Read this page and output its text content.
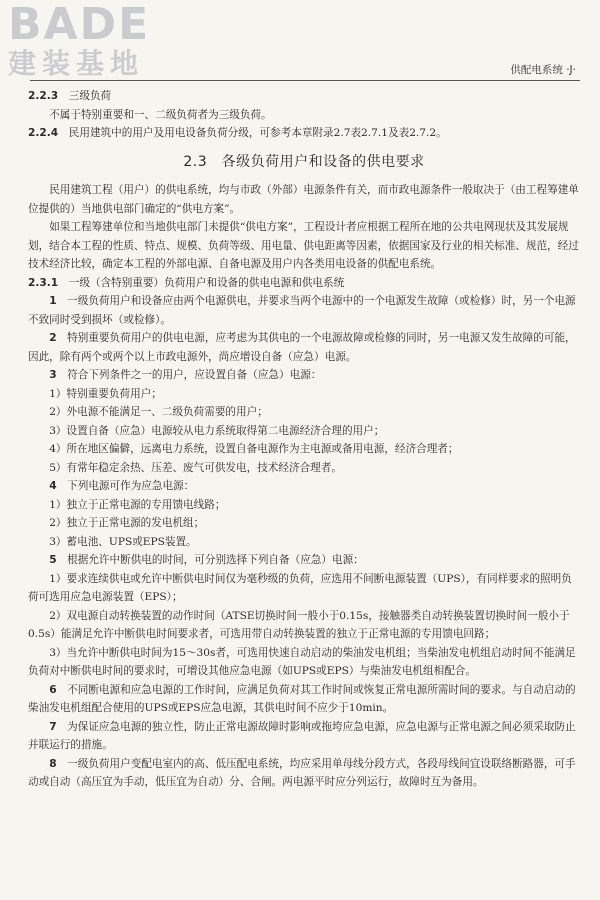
BADE
建装基地	供配电系统 ·J·

2.2.3　 三级负荷

不属于特别重要和一、二级负荷者为三级负荷。

2.2.4　 民用建筑中的用户及用电设备负荷分级，可参考本章附录2.7表2.7.1及表2.7.2。

2.3　各级负荷用户和设备的供电要求

民用建筑工程（用户）的供电系统，均与市政（外部）电源条件有关，而市政电源条件一般取决于（由工程筹建单位提供的）当地供电部门确定的“供电方案”。

如果工程筹建单位和当地供电部门未提供“供电方案”，工程设计者应根据工程所在地的公共电网现状及其发展规划，结合本工程的性质、特点、规模、负荷等级、用电量、供电距离等因素，依据国家及行业的相关标准、规范，经过技术经济比较，确定本工程的外部电源、自备电源及用户内各类用电设备的供配电系统。

2.3.1　 一级（含特别重要）负荷用户和设备的供电电源和供电系统

1　 一级负荷用户和设备应由两个电源供电，并要求当两个电源中的一个电源发生故障（或检修）时，另一个电源不致同时受到损坏（或检修）。

2　 特别重要负荷用户的供电电源，应考虑为其供电的一个电源故障或检修的同时，另一电源又发生故障的可能，因此，除有两个或两个以上市政电源外，尚应增设自备（应急）电源。

3　 符合下列条件之一的用户，应设置自备（应急）电源：

1）特别重要负荷用户；

2）外电源不能满足一、二级负荷需要的用户；

3）设置自备（应急）电源较从电力系统取得第二电源经济合理的用户；

4）所在地区偏僻，远离电力系统，设置自备电源作为主电源或备用电源，经济合理者；

5）有常年稳定余热、压差、废气可供发电，技术经济合理者。

4　 下列电源可作为应急电源：

1）独立于正常电源的专用馈电线路；

2）独立于正常电源的发电机组；

3）蓄电池、UPS或EPS装置。

5　 根据允许中断供电的时间，可分别选择下列自备（应急）电源：

1）要求连续供电或允许中断供电时间仅为毫秒级的负荷，应选用不间断电源装置（UPS），有同样要求的照明负荷可选用应急电源装置（EPS）；

2）双电源自动转换装置的动作时间（ATSE切换时间一般小于0.15s，接触器类自动转换装置切换时间一般小于0.5s）能满足允许中断供电时间要求者，可选用带自动转换装置的独立于正常电源的专用馈电回路；

3）当允许中断供电时间为15～30s者，可选用快速自动启动的柴油发电机组；当柴油发电机组启动时间不能满足负荷对中断供电时间的要求时，可增设其他应急电源（如UPS或EPS）与柴油发电机组相配合。

6　 不同断电源和应急电源的工作时间，应满足负荷对其工作时间或恢复正常电源所需时间的要求。与自动启动的柴油发电机组配合使用的UPS或EPS应急电源，其供电时间不应少于10min。

7　 为保证应急电源的独立性，防止正常电源故障时影响或拖垮应急电源，应急电源与正常电源之间必须采取防止并联运行的措施。

8　 一级负荷用户变配电室内的高、低压配电系统，均应采用单母线分段方式，各段母线间宜设联络断路器，可手动或自动（高压宜为手动，低压宜为自动）分、合闸。两电源平时应分列运行，故障时互为备用。
